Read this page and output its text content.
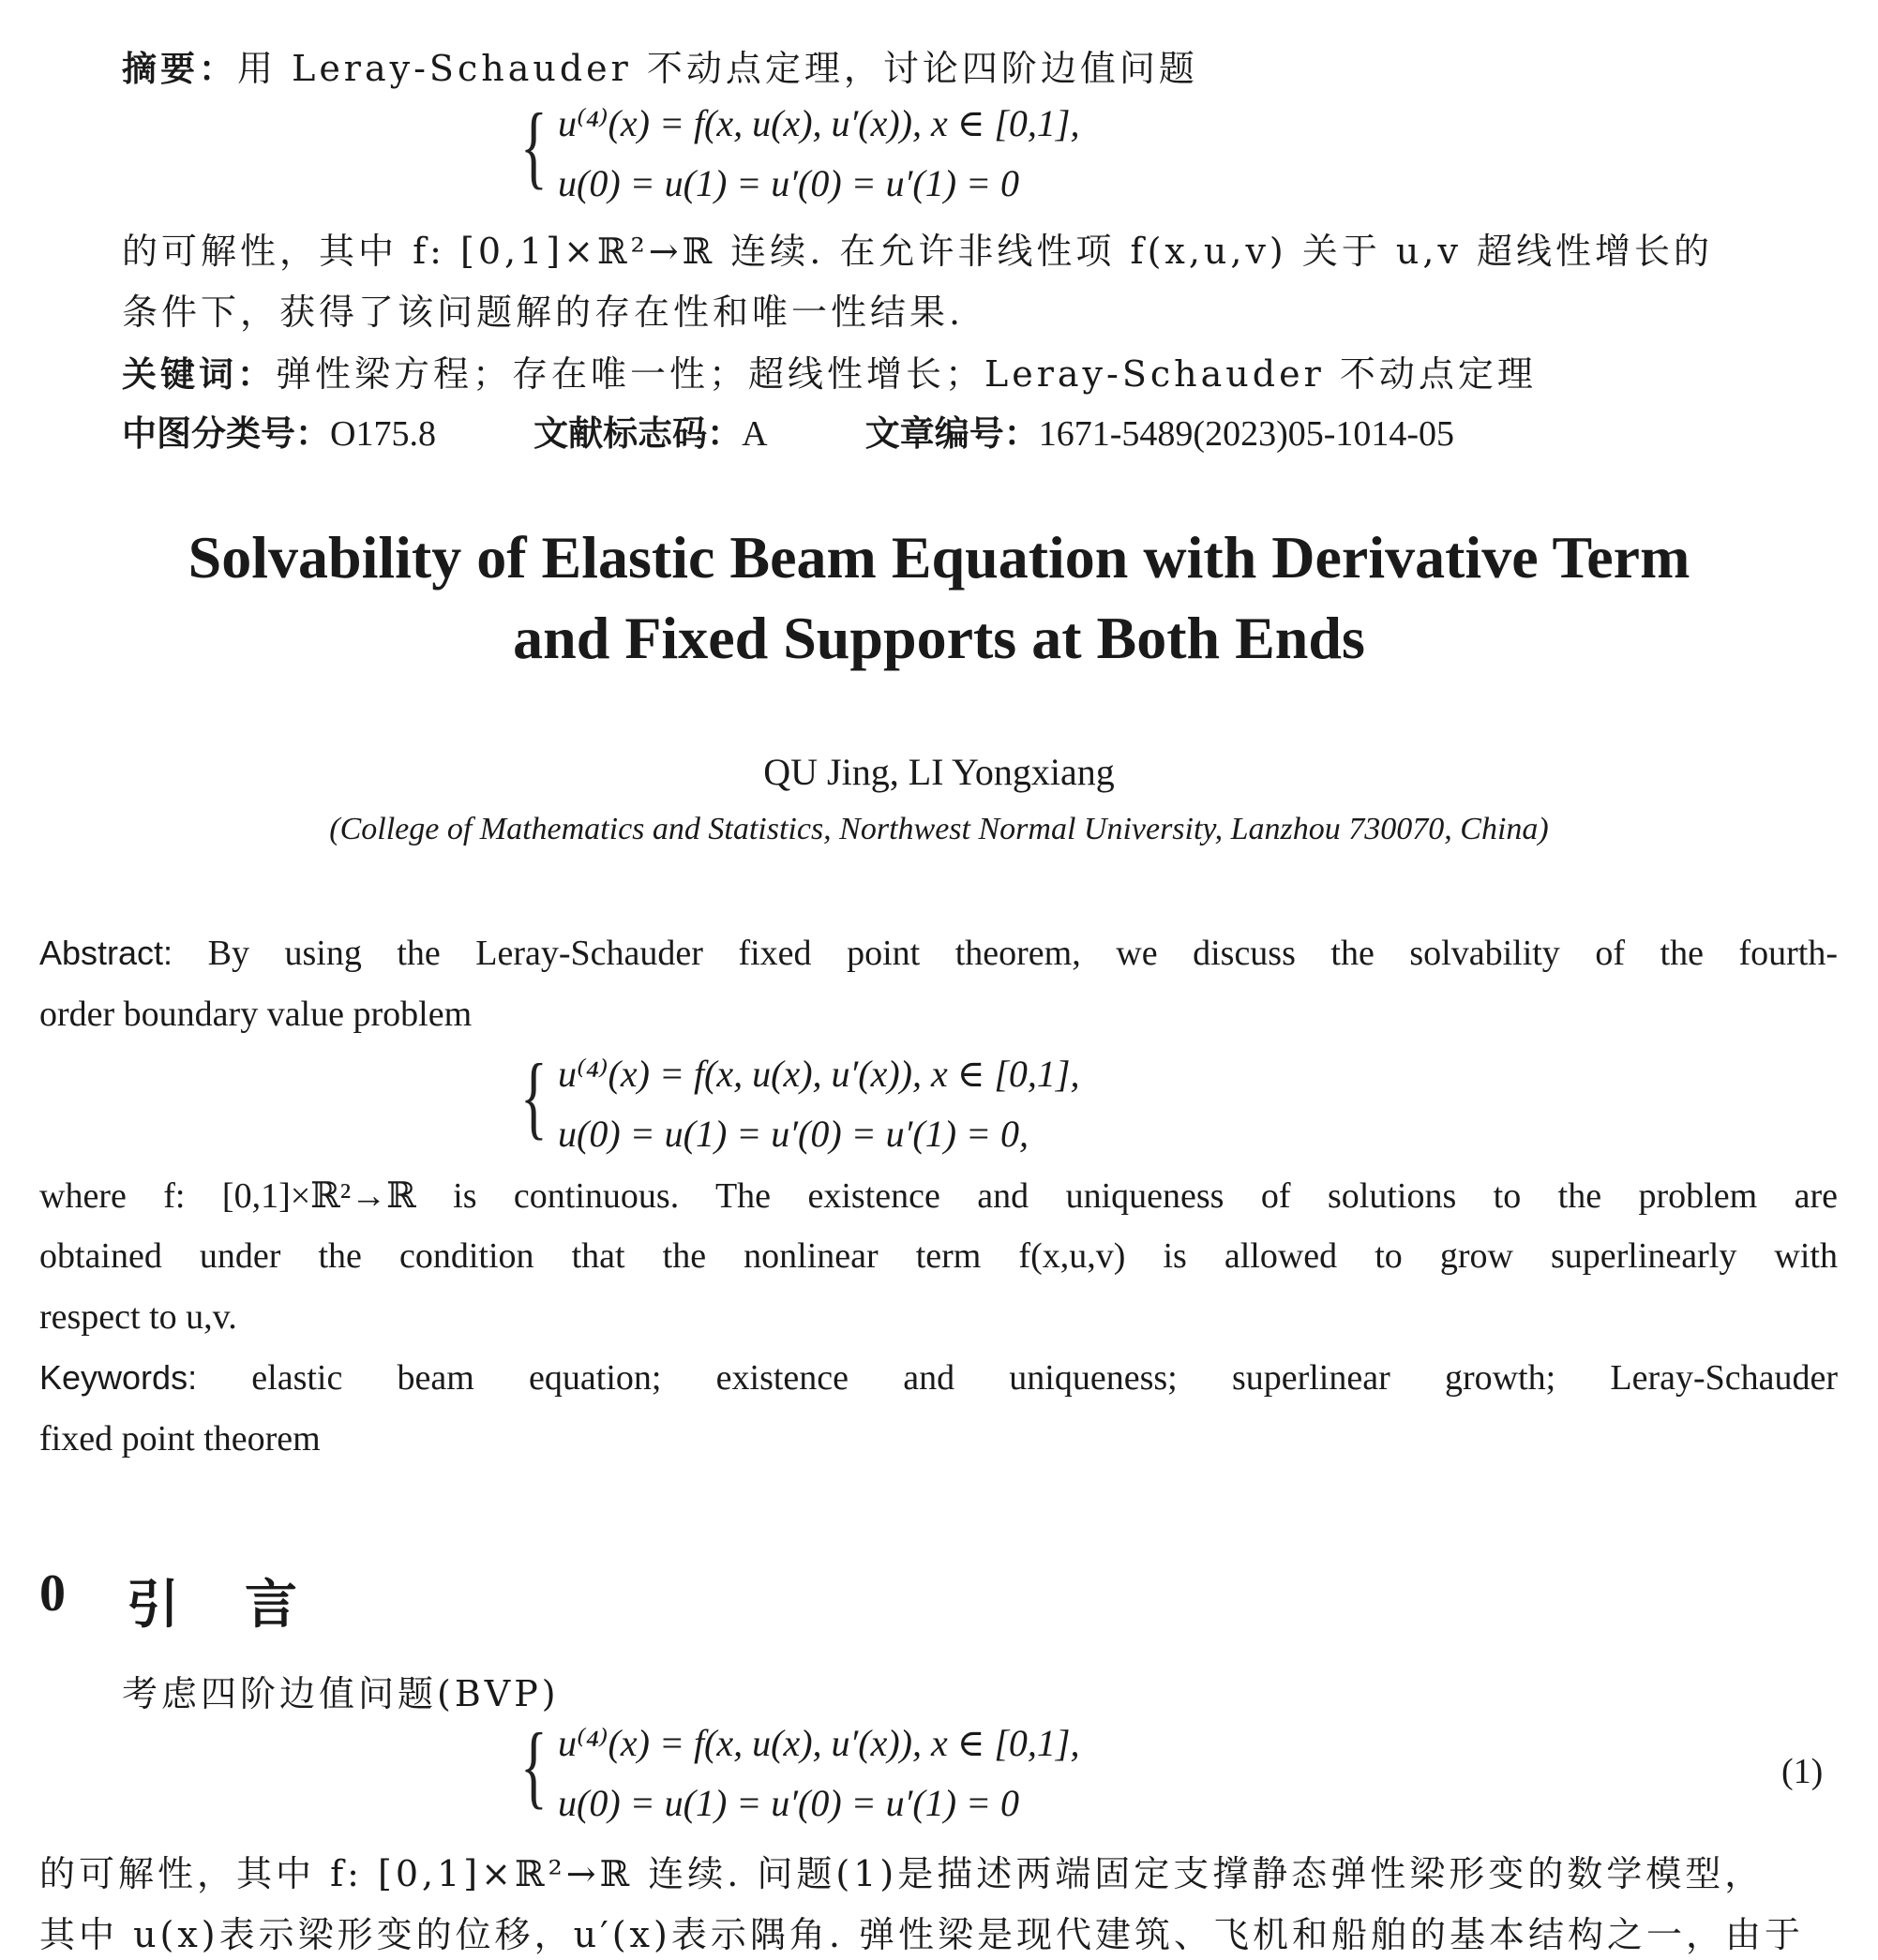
摘要：用 Leray-Schauder 不动点定理，讨论四阶边值问题
{ u⁽⁴⁾(x) = f(x, u(x), u′(x)), x ∈ [0,1],
u(0) = u(1) = u′(0) = u′(1) = 0
的可解性，其中 f: [0,1]×ℝ²→ℝ 连续. 在允许非线性项 f(x,u,v) 关于 u,v 超线性增长的
条件下，获得了该问题解的存在性和唯一性结果.
关键词：弹性梁方程；存在唯一性；超线性增长；Leray-Schauder 不动点定理
中图分类号：O175.8	文献标志码：A	文章编号：1671-5489(2023)05-1014-05
Solvability of Elastic Beam Equation with Derivative Term
and Fixed Supports at Both Ends
QU Jing, LI Yongxiang
(College of Mathematics and Statistics, Northwest Normal University, Lanzhou 730070, China)
Abstract: By using the Leray-Schauder fixed point theorem, we discuss the solvability of the fourth-
order boundary value problem
{ u⁽⁴⁾(x) = f(x, u(x), u′(x)), x ∈ [0,1],
u(0) = u(1) = u′(0) = u′(1) = 0,
where f: [0,1]×ℝ²→ℝ is continuous. The existence and uniqueness of solutions to the problem are
obtained under the condition that the nonlinear term f(x,u,v) is allowed to grow superlinearly with
respect to u,v.
Keywords: elastic beam equation; existence and uniqueness; superlinear growth; Leray-Schauder
fixed point theorem
0 引  言
考虑四阶边值问题(BVP)
{ u⁽⁴⁾(x) = f(x, u(x), u′(x)), x ∈ [0,1],
u(0) = u(1) = u′(0) = u′(1) = 0
(1)
的可解性，其中 f: [0,1]×ℝ²→ℝ 连续. 问题(1)是描述两端固定支撑静态弹性梁形变的数学模型，
其中 u(x)表示梁形变的位移，u′(x)表示隅角. 弹性梁是现代建筑、飞机和船舶的基本结构之一，由于
